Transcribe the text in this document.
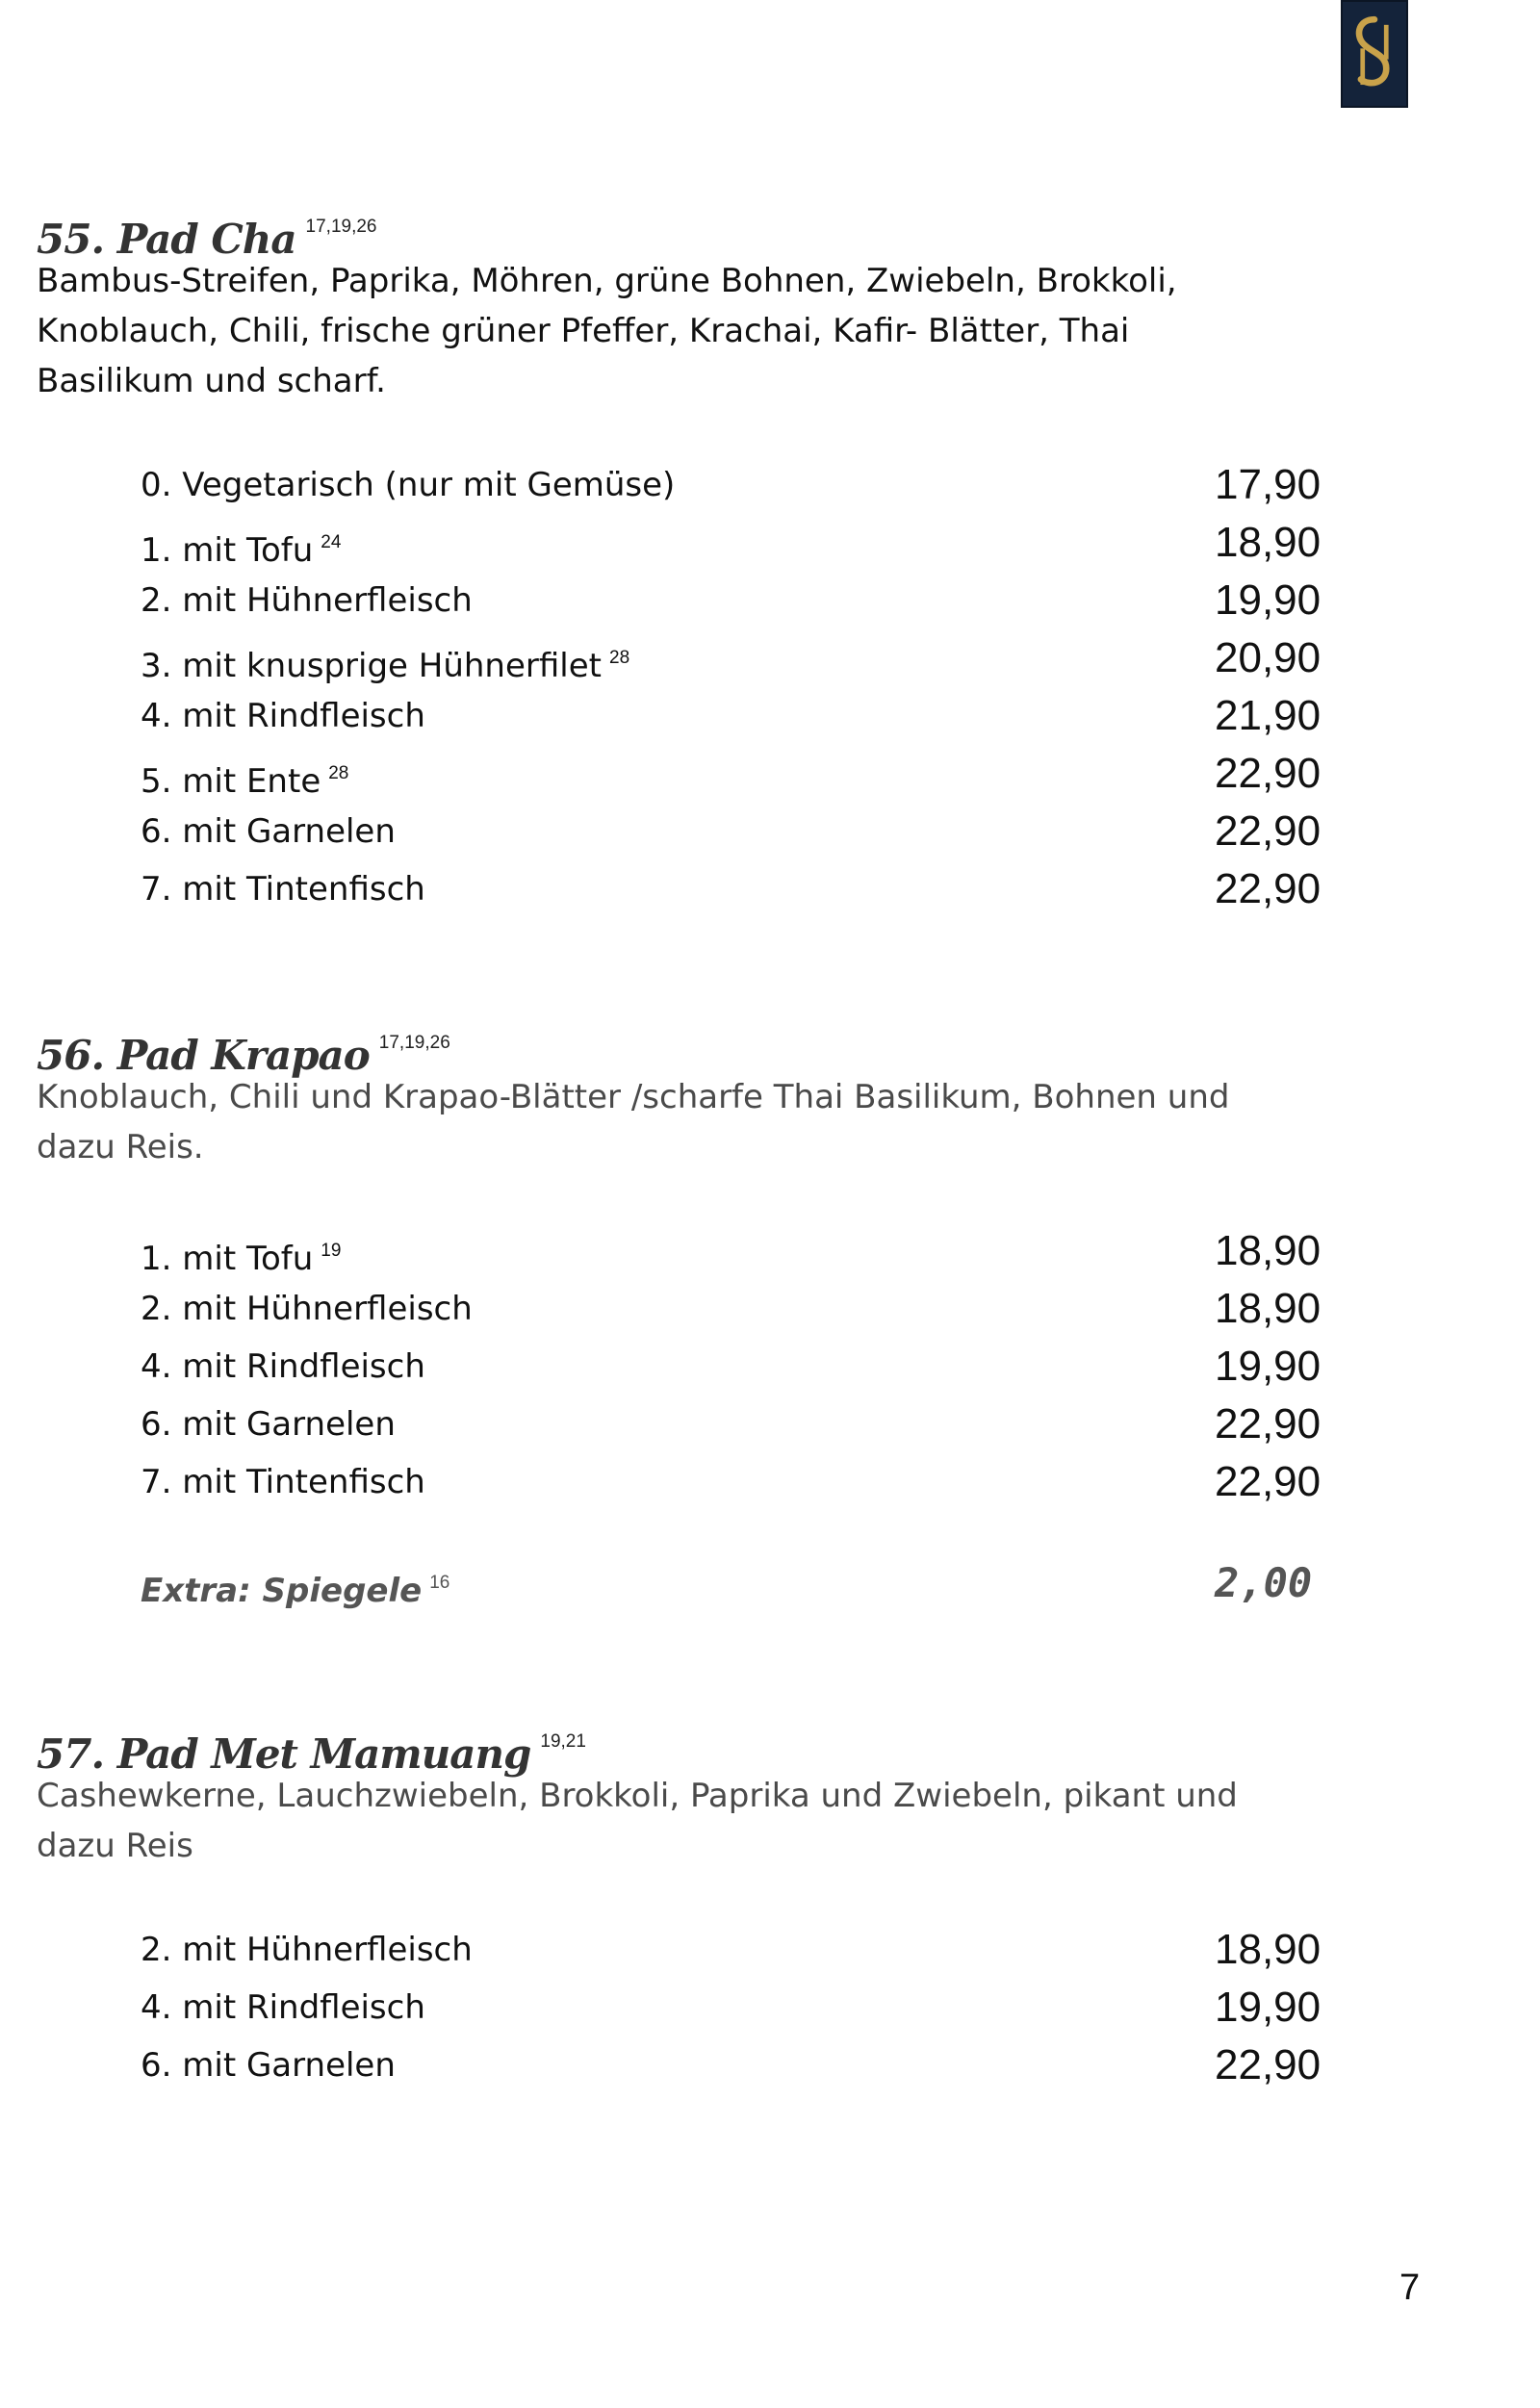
55. Pad Cha $^{17,19,26}$
Bambus-Streifen, Paprika, Möhren, grüne Bohnen, Zwiebeln, Brokkoli, Knoblauch, Chili, frische grüner Pfeffer, Krachai, Kafir- Blätter, Thai Basilikum und scharf.
0. Vegetarisch (nur mit Gemüse)	17,90
1. mit Tofu $^{24}$	18,90
2. mit Hühnerfleisch	19,90
3. mit knusprige Hühnerfilet $^{28}$	20,90
4. mit Rindfleisch	21,90
5. mit Ente $^{28}$	22,90
6. mit Garnelen	22,90
7. mit Tintenfisch	22,90
56. Pad Krapao $^{17,19,26}$
Knoblauch, Chili und Krapao-Blätter /scharfe Thai Basilikum, Bohnen und dazu Reis.
1. mit Tofu $^{19}$	18,90
2. mit Hühnerfleisch	18,90
4. mit Rindfleisch	19,90
6. mit Garnelen	22,90
7. mit Tintenfisch	22,90
Extra: Spiegele $^{16}$	2,00
57. Pad Met Mamuang $^{19,21}$
Cashewkerne, Lauchzwiebeln, Brokkoli, Paprika und Zwiebeln, pikant und dazu Reis
2. mit Hühnerfleisch	18,90
4. mit Rindfleisch	19,90
6. mit Garnelen	22,90
7
